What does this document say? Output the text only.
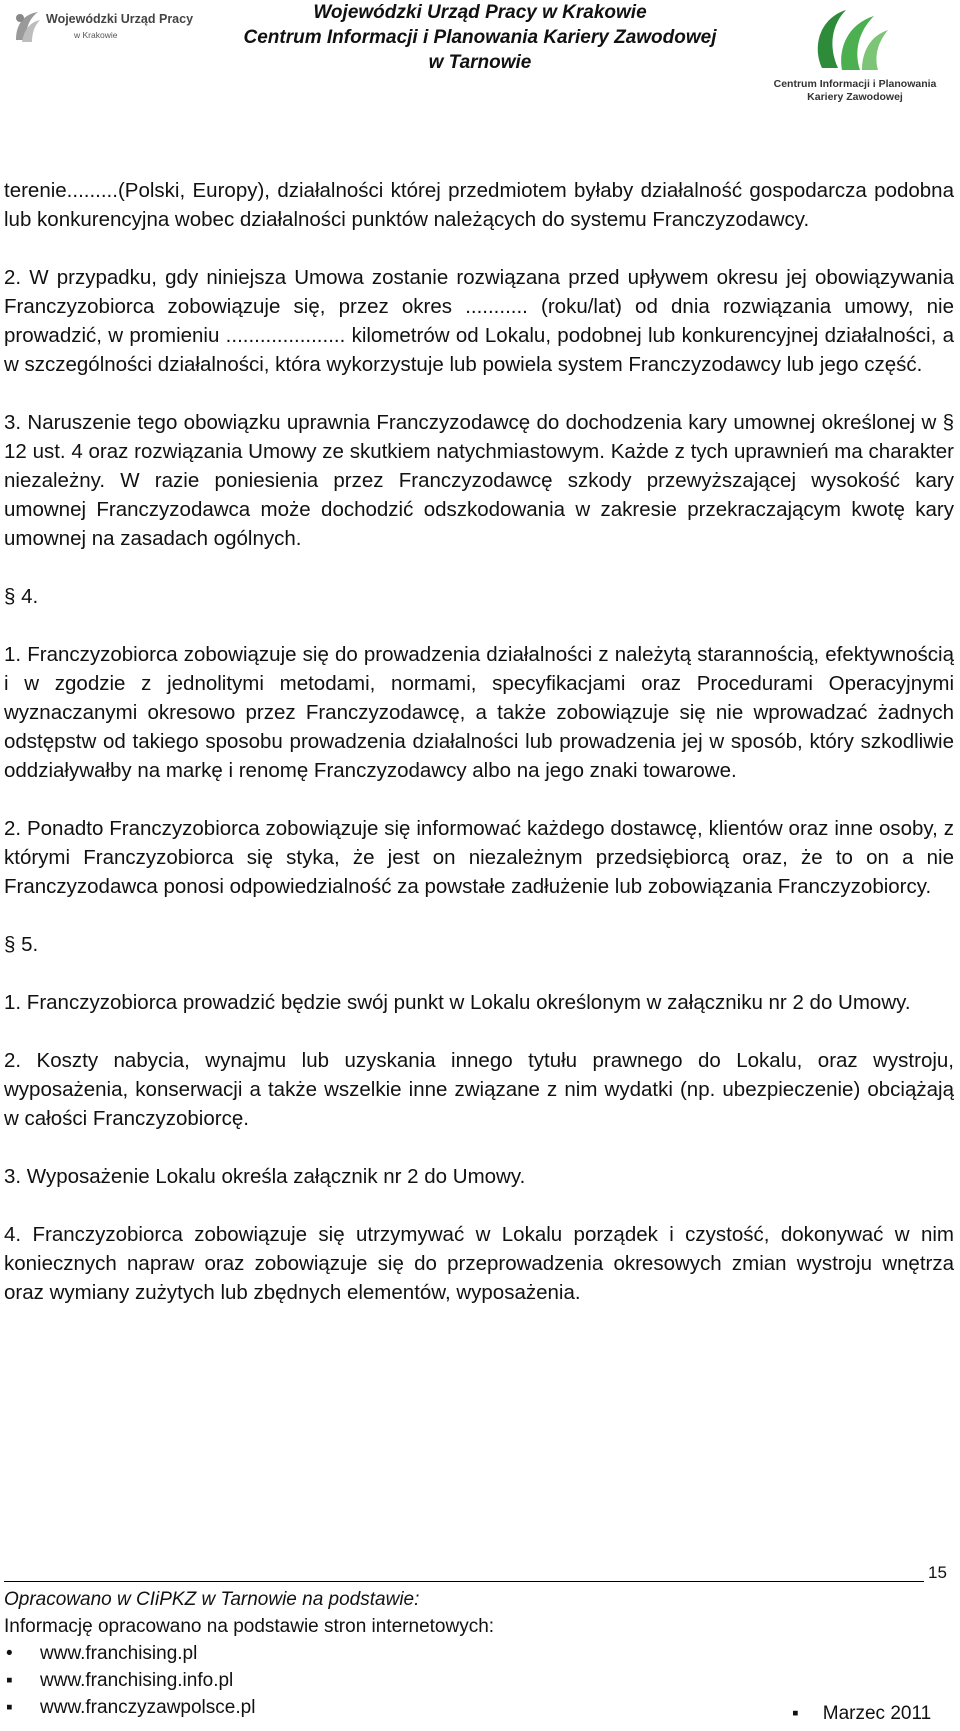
Wojewódzki Urząd Pracy
w Krakowie
Wojewódzki Urząd Pracy w Krakowie
Centrum Informacji i Planowania Kariery Zawodowej
w Tarnowie
Centrum Informacji i Planowania
Kariery Zawodowej

terenie.........(Polski, Europy), działalności której przedmiotem byłaby działalność gospodarcza podobna lub konkurencyjna wobec działalności punktów należących do systemu Franczyzodawcy.

2. W przypadku, gdy niniejsza Umowa zostanie rozwiązana przed upływem okresu jej obowiązywania Franczyzobiorca zobowiązuje się, przez okres ........... (roku/lat) od dnia rozwiązania umowy, nie prowadzić, w promieniu ..................... kilometrów od Lokalu, podobnej lub konkurencyjnej działalności, a w szczególności działalności, która wykorzystuje lub powiela system Franczyzodawcy lub jego część.

3. Naruszenie tego obowiązku uprawnia Franczyzodawcę do dochodzenia kary umownej określonej w § 12 ust. 4 oraz rozwiązania Umowy ze skutkiem natychmiastowym. Każde z tych uprawnień ma charakter niezależny. W razie poniesienia przez Franczyzodawcę szkody przewyższającej wysokość kary umownej Franczyzodawca może dochodzić odszkodowania w zakresie przekraczającym kwotę kary umownej na zasadach ogólnych.

§ 4.

1. Franczyzobiorca zobowiązuje się do prowadzenia działalności z należytą starannością, efektywnością i w zgodzie z jednolitymi metodami, normami, specyfikacjami oraz Procedurami Operacyjnymi wyznaczanymi okresowo przez Franczyzodawcę, a także zobowiązuje się nie wprowadzać żadnych odstępstw od takiego sposobu prowadzenia działalności lub prowadzenia jej w sposób, który szkodliwie oddziaływałby na markę i renomę Franczyzodawcy albo na jego znaki towarowe.

2. Ponadto Franczyzobiorca zobowiązuje się informować każdego dostawcę, klientów oraz inne osoby, z którymi Franczyzobiorca się styka, że jest on niezależnym przedsiębiorcą oraz, że to on a nie Franczyzodawca ponosi odpowiedzialność za powstałe zadłużenie lub zobowiązania Franczyzobiorcy.

§ 5.

1. Franczyzobiorca prowadzić będzie swój punkt w Lokalu określonym w załączniku nr 2 do Umowy.

2. Koszty nabycia, wynajmu lub uzyskania innego tytułu prawnego do Lokalu, oraz wystroju, wyposażenia, konserwacji a także wszelkie inne związane z nim wydatki (np. ubezpieczenie) obciążają w całości Franczyzobiorcę.

3. Wyposażenie Lokalu określa załącznik nr 2 do Umowy.

4. Franczyzobiorca zobowiązuje się utrzymywać w Lokalu porządek i czystość, dokonywać w nim koniecznych napraw oraz zobowiązuje się do przeprowadzenia okresowych zmian wystroju wnętrza oraz wymiany zużytych lub zbędnych elementów, wyposażenia.

15
Opracowano w CIiPKZ w Tarnowie na podstawie:
Informację opracowano na podstawie stron internetowych:
• www.franchising.pl
▪ www.franchising.info.pl
▪ www.franczyzawpolsce.pl	▪ Marzec 2011
